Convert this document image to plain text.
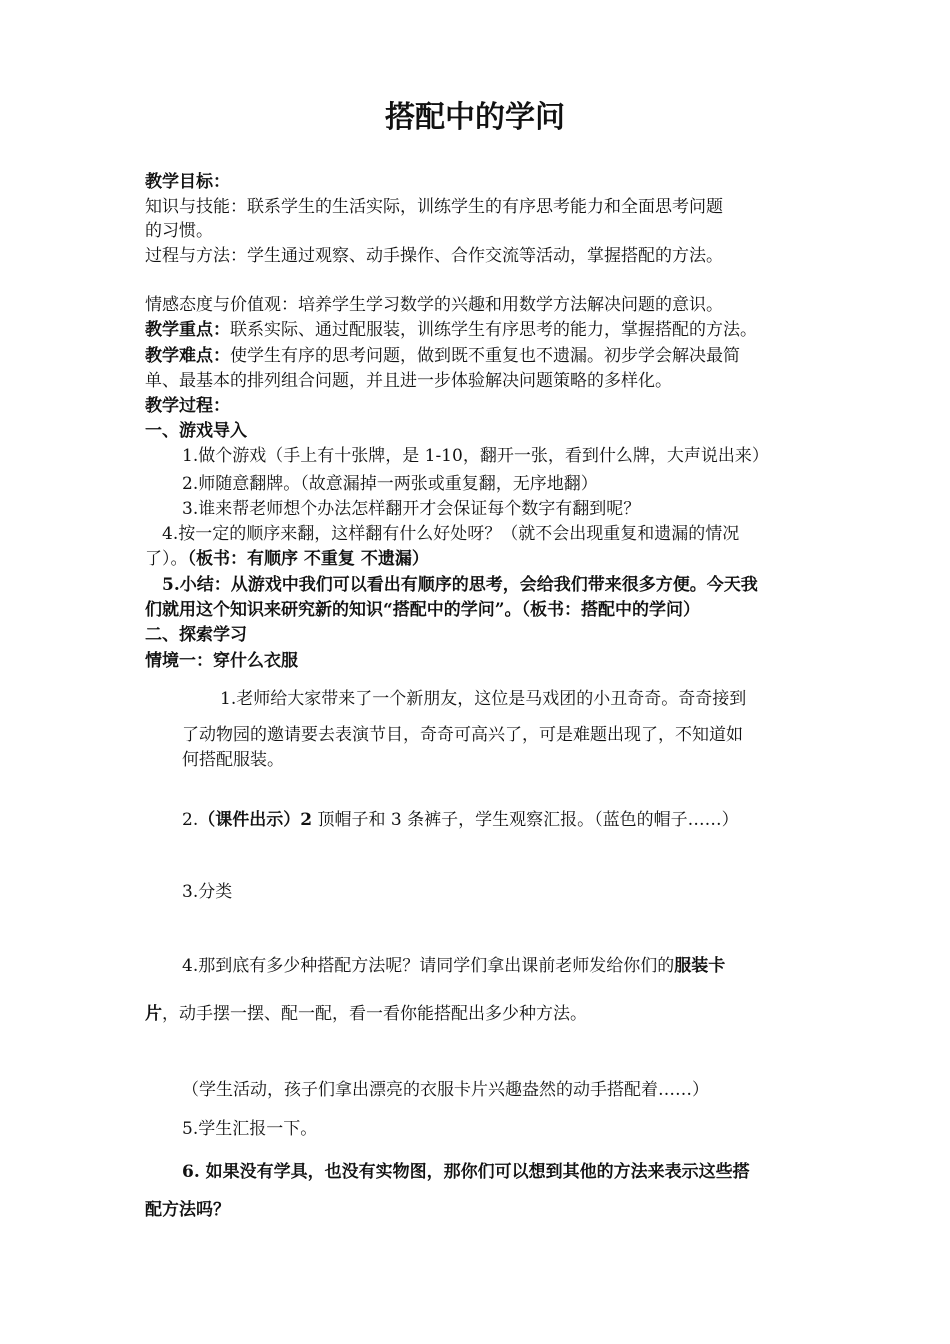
搭配中的学问
教学目标：
知识与技能：联系学生的生活实际，训练学生的有序思考能力和全面思考问题
的习惯。
过程与方法：学生通过观察、动手操作、合作交流等活动，掌握搭配的方法。
情感态度与价值观：培养学生学习数学的兴趣和用数学方法解决问题的意识。
教学重点：联系实际、通过配服装，训练学生有序思考的能力，掌握搭配的方法。
教学难点：使学生有序的思考问题，做到既不重复也不遗漏。初步学会解决最简
单、最基本的排列组合问题，并且进一步体验解决问题策略的多样化。
教学过程：
一、游戏导入
1.做个游戏（手上有十张牌，是 1-10，翻开一张，看到什么牌，大声说出来）
2.师随意翻牌。（故意漏掉一两张或重复翻，无序地翻）
3.谁来帮老师想个办法怎样翻开才会保证每个数字有翻到呢？
4.按一定的顺序来翻，这样翻有什么好处呀？（就不会出现重复和遗漏的情况
了）。（板书：有顺序 不重复 不遗漏）
5.小结：从游戏中我们可以看出有顺序的思考，会给我们带来很多方便。今天我
们就用这个知识来研究新的知识“搭配中的学问”。（板书：搭配中的学问）
二、探索学习
情境一：穿什么衣服
1.老师给大家带来了一个新朋友，这位是马戏团的小丑奇奇。奇奇接到
了动物园的邀请要去表演节目，奇奇可高兴了，可是难题出现了，不知道如
何搭配服装。
2.（课件出示）2 顶帽子和 3 条裤子，学生观察汇报。（蓝色的帽子……）
3.分类
4.那到底有多少种搭配方法呢？请同学们拿出课前老师发给你们的服装卡
片，动手摆一摆、配一配，看一看你能搭配出多少种方法。
（学生活动，孩子们拿出漂亮的衣服卡片兴趣盎然的动手搭配着……）
5.学生汇报一下。
6. 如果没有学具，也没有实物图，那你们可以想到其他的方法来表示这些搭
配方法吗？
